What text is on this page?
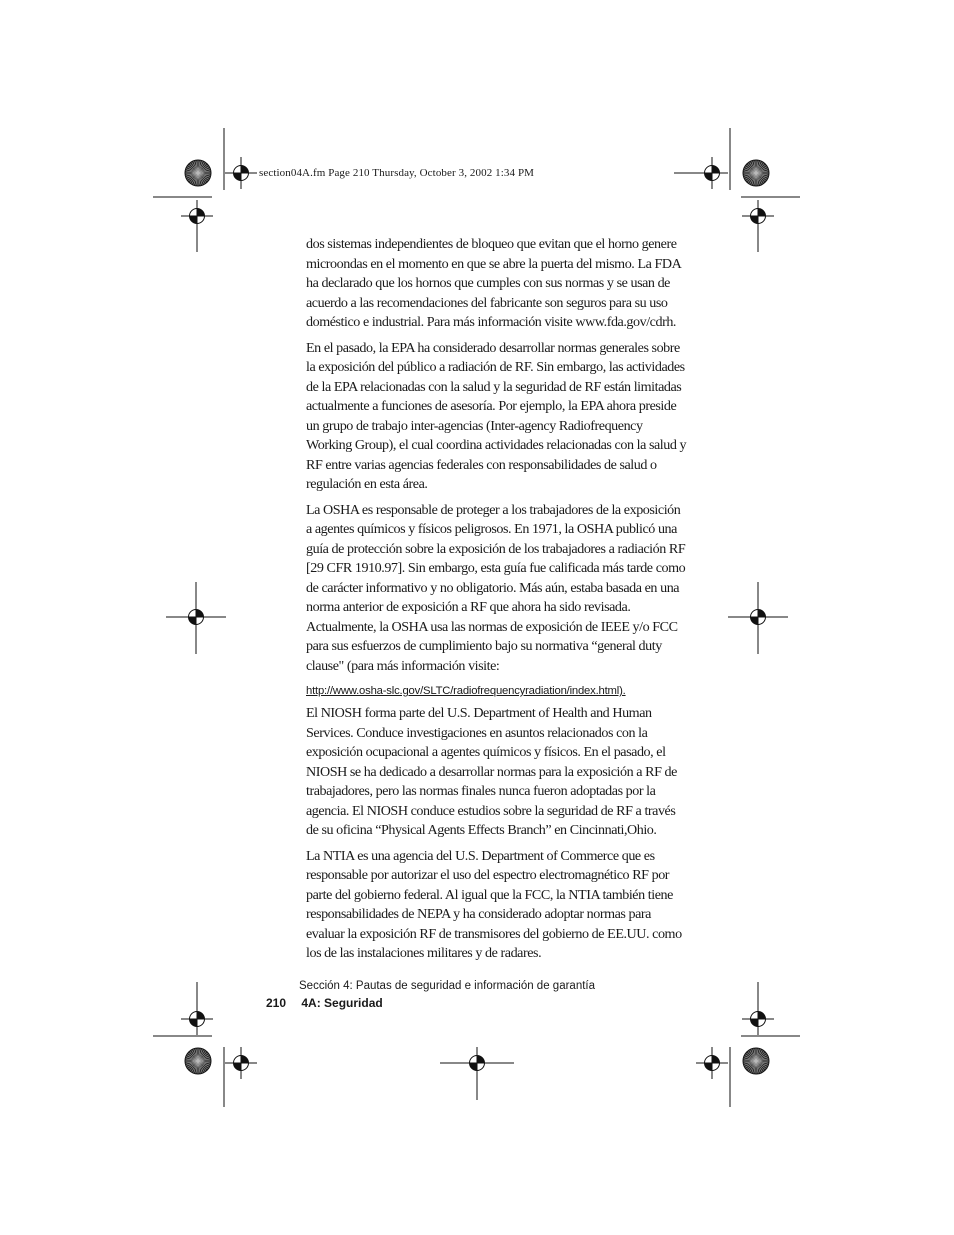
section04A.fm Page 210 Thursday, October 3, 2002 1:34 PM

dos sistemas independientes de bloqueo que evitan que el horno genere microondas en el momento en que se abre la puerta del mismo. La FDA ha declarado que los hornos que cumples con sus normas y se usan de acuerdo a las recomendaciones del fabricante son seguros para su uso doméstico e industrial. Para más información visite www.fda.gov/cdrh.

En el pasado, la EPA ha considerado desarrollar normas generales sobre la exposición del público a radiación de RF. Sin embargo, las actividades de la EPA relacionadas con la salud y la seguridad de RF están limitadas actualmente a funciones de asesoría. Por ejemplo, la EPA ahora preside un grupo de trabajo inter-agencias (Inter-agency Radiofrequency Working Group), el cual coordina actividades relacionadas con la salud y RF entre varias agencias federales con responsabilidades de salud o regulación en esta área.

La OSHA es responsable de proteger a los trabajadores de la exposición a agentes químicos y físicos peligrosos. En 1971, la OSHA publicó una guía de protección sobre la exposición de los trabajadores a radiación RF [29 CFR 1910.97]. Sin embargo, esta guía fue calificada más tarde como de carácter informativo y no obligatorio. Más aún, estaba basada en una norma anterior de exposición a RF que ahora ha sido revisada. Actualmente, la OSHA usa las normas de exposición de IEEE y/o FCC para sus esfuerzos de cumplimiento bajo su normativa “general duty clause" (para más información visite:

http://www.osha-slc.gov/SLTC/radiofrequencyradiation/index.html).

El NIOSH forma parte del U.S. Department of Health and Human Services. Conduce investigaciones en asuntos relacionados con la exposición ocupacional a agentes químicos y físicos. En el pasado, el NIOSH se ha dedicado a desarrollar normas para la exposición a RF de trabajadores, pero las normas finales nunca fueron adoptadas por la agencia. El NIOSH conduce estudios sobre la seguridad de RF a través de su oficina “Physical Agents Effects Branch” en Cincinnati,Ohio.

La NTIA es una agencia del U.S. Department of Commerce que es responsable por autorizar el uso del espectro electromagnético RF por parte del gobierno federal. Al igual que la FCC, la NTIA también tiene responsabilidades de NEPA y ha considerado adoptar normas para evaluar la exposición RF de transmisores del gobierno de EE.UU. como los de las instalaciones militares y de radares.

Sección 4: Pautas de seguridad e información de garantía
210 4A: Seguridad
